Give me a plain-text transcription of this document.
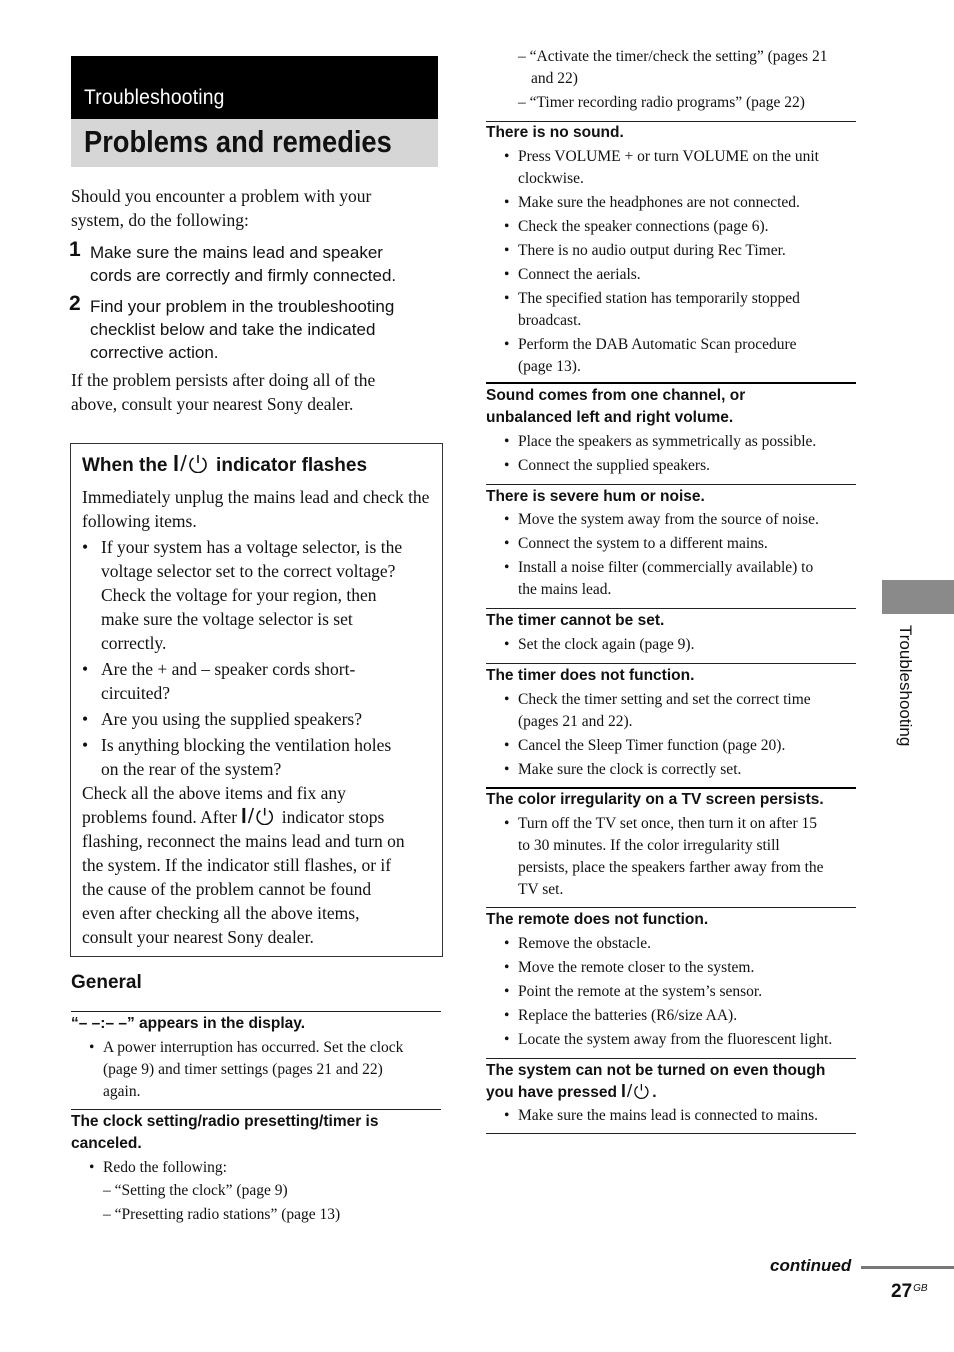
Troubleshooting
Problems and remedies
Should you encounter a problem with your system, do the following:
1 Make sure the mains lead and speaker
cords are correctly and firmly connected.
2 Find your problem in the troubleshooting
checklist below and take the indicated
corrective action.
If the problem persists after doing all of the above, consult your nearest Sony dealer.
When the  indicator flashes
Immediately unplug the mains lead and check the following items.
• If your system has a voltage selector, is the
voltage selector set to the correct voltage?
Check the voltage for your region, then
make sure the voltage selector is set
correctly.
• Are the + and – speaker cords short-
circuited?
• Are you using the supplied speakers?
• Is anything blocking the ventilation holes
on the rear of the system?
Check all the above items and fix any
problems found. After  indicator stops
flashing, reconnect the mains lead and turn on
the system. If the indicator still flashes, or if
the cause of the problem cannot be found
even after checking all the above items,
consult your nearest Sony dealer.
General
“– –:– –” appears in the display.
• A power interruption has occurred. Set the clock
(page 9) and timer settings (pages 21 and 22)
again.
The clock setting/radio presetting/timer is
canceled.
• Redo the following:
– “Setting the clock” (page 9)
– “Presetting radio stations” (page 13)
– “Activate the timer/check the setting” (pages 21
and 22)
– “Timer recording radio programs” (page 22)
There is no sound.
• Press VOLUME + or turn VOLUME on the unit
clockwise.
• Make sure the headphones are not connected.
• Check the speaker connections (page 6).
• There is no audio output during Rec Timer.
• Connect the aerials.
• The specified station has temporarily stopped
broadcast.
• Perform the DAB Automatic Scan procedure
(page 13).
Sound comes from one channel, or
unbalanced left and right volume.
• Place the speakers as symmetrically as possible.
• Connect the supplied speakers.
There is severe hum or noise.
• Move the system away from the source of noise.
• Connect the system to a different mains.
• Install a noise filter (commercially available) to
the mains lead.
The timer cannot be set.
• Set the clock again (page 9).
The timer does not function.
• Check the timer setting and set the correct time
(pages 21 and 22).
• Cancel the Sleep Timer function (page 20).
• Make sure the clock is correctly set.
The color irregularity on a TV screen persists.
• Turn off the TV set once, then turn it on after 15
to 30 minutes. If the color irregularity still
persists, place the speakers farther away from the
TV set.
The remote does not function.
• Remove the obstacle.
• Move the remote closer to the system.
• Point the remote at the system’s sensor.
• Replace the batteries (R6/size AA).
• Locate the system away from the fluorescent light.
The system can not be turned on even though
you have pressed .
• Make sure the mains lead is connected to mains.
Troubleshooting
continued
$27^{GB}$
